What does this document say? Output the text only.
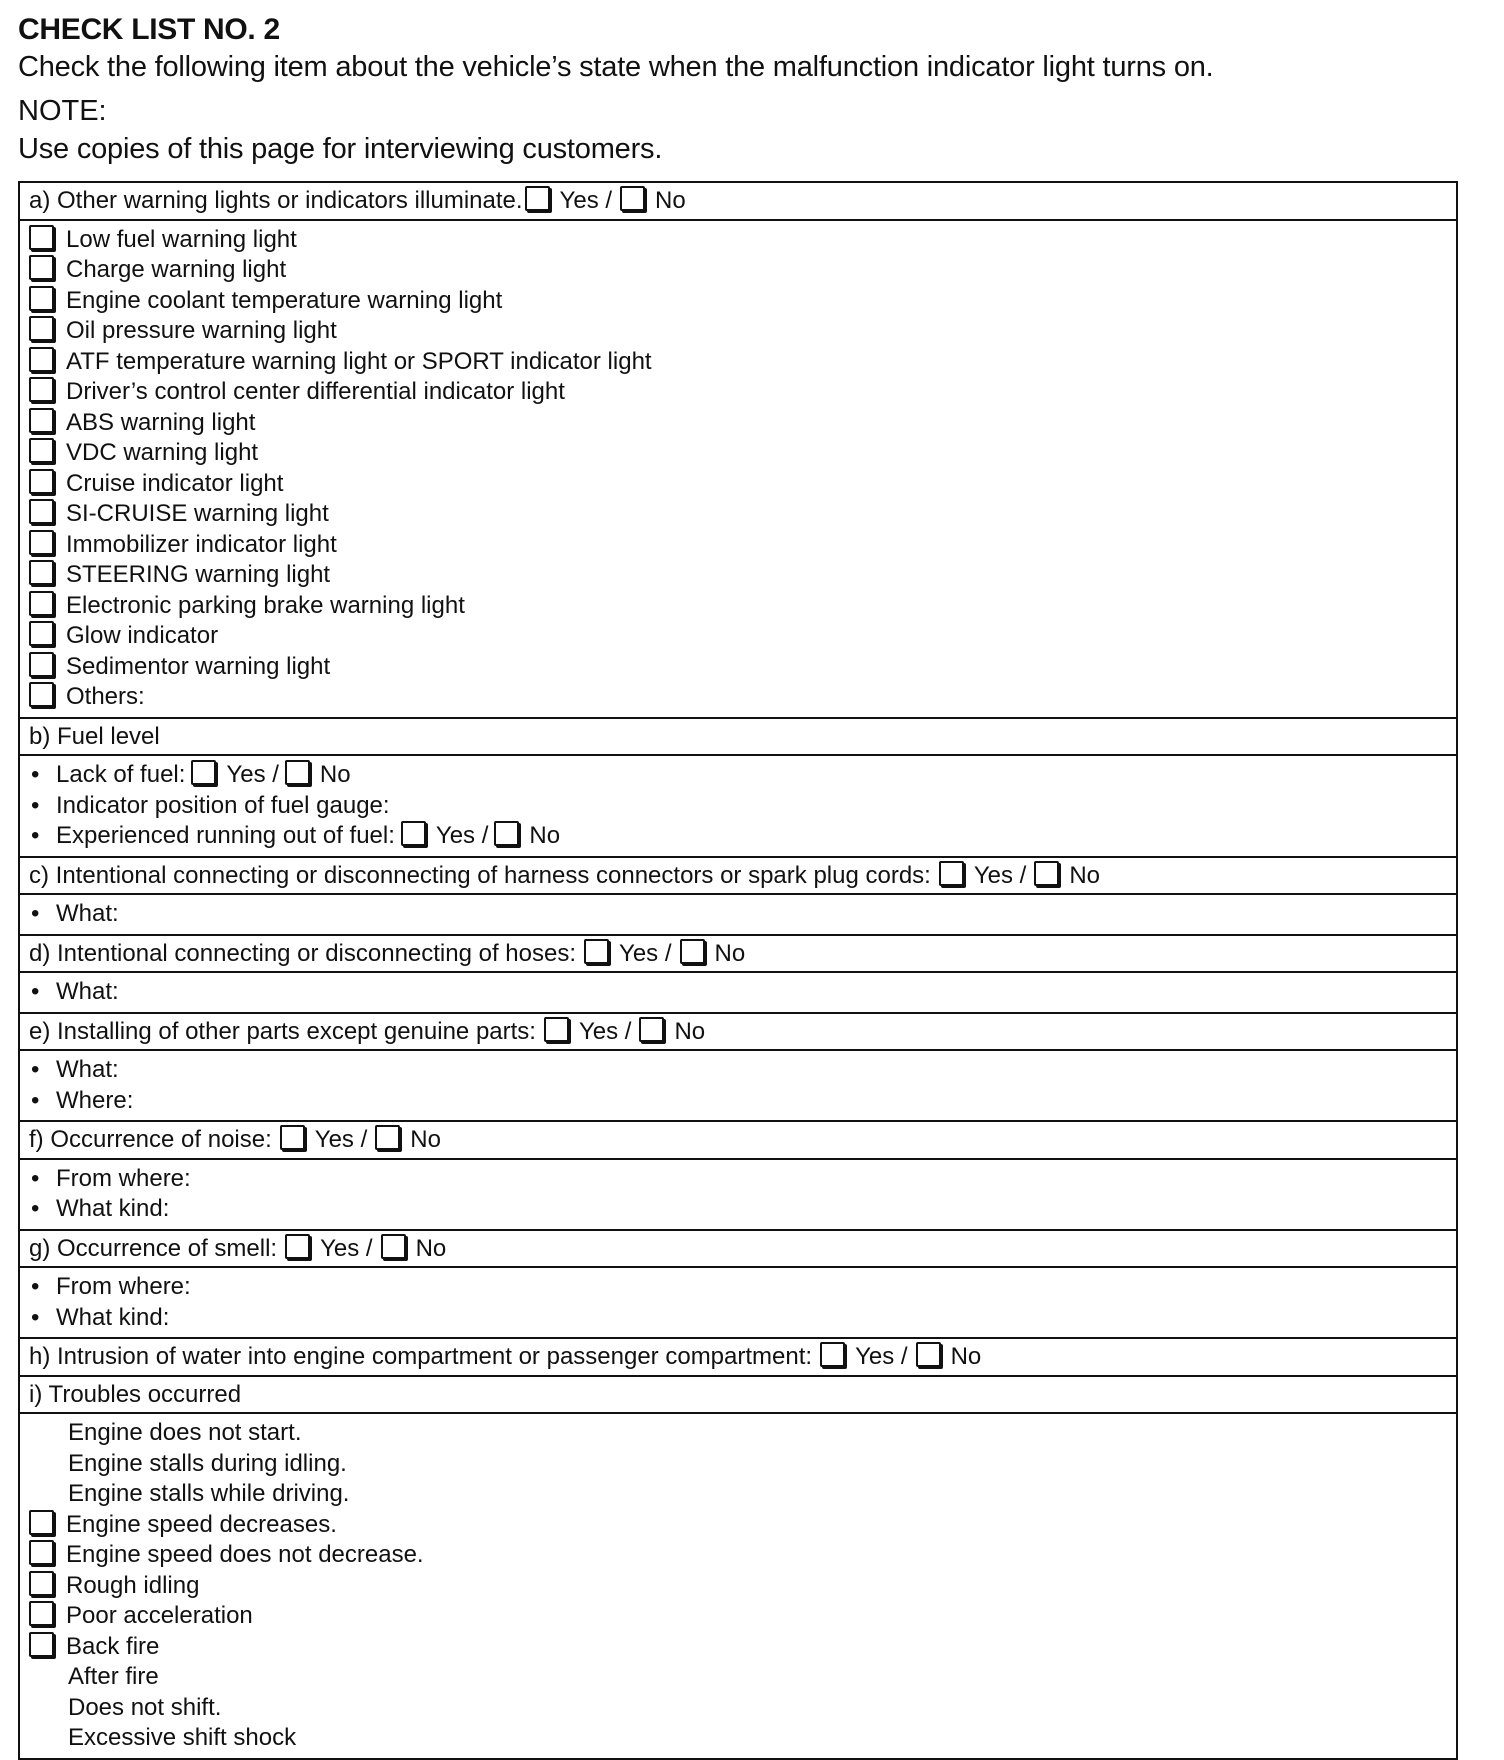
CHECK LIST NO. 2
Check the following item about the vehicle’s state when the malfunction indicator light turns on.
NOTE:
Use copies of this page for interviewing customers.
a) Other warning lights or indicators illuminate. Yes / No
Low fuel warning light
Charge warning light
Engine coolant temperature warning light
Oil pressure warning light
ATF temperature warning light or SPORT indicator light
Driver’s control center differential indicator light
ABS warning light
VDC warning light
Cruise indicator light
SI-CRUISE warning light
Immobilizer indicator light
STEERING warning light
Electronic parking brake warning light
Glow indicator
Sedimentor warning light
Others:
b) Fuel level
• Lack of fuel: Yes / No
• Indicator position of fuel gauge:
• Experienced running out of fuel: Yes / No
c) Intentional connecting or disconnecting of harness connectors or spark plug cords: Yes / No
• What:
d) Intentional connecting or disconnecting of hoses: Yes / No
• What:
e) Installing of other parts except genuine parts: Yes / No
• What:
• Where:
f) Occurrence of noise: Yes / No
• From where:
• What kind:
g) Occurrence of smell: Yes / No
• From where:
• What kind:
h) Intrusion of water into engine compartment or passenger compartment: Yes / No
i) Troubles occurred
Engine does not start.
Engine stalls during idling.
Engine stalls while driving.
Engine speed decreases.
Engine speed does not decrease.
Rough idling
Poor acceleration
Back fire
After fire
Does not shift.
Excessive shift shock
